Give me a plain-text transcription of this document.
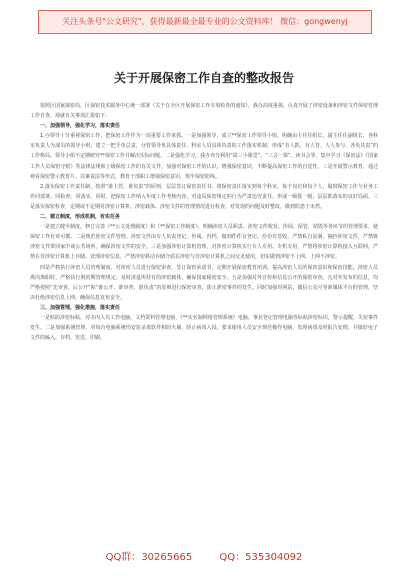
关注头条号"公文研究"，获得最新最全最专业的公文资料库！ 微信：gongwenyj
关于开展保密工作自查的整改报告

按照区国家保密局、区保密技术服务中心统一部署《关于在全区开展保密工作专项检查的通知》，我办高度重视，认真开展了涉密设备和涉密文件保密管理工作自查，现就有关事项汇报如下：

一、加强领导，强化学习，落实责任

1.办领导十分重视保密工作，把保密工作作为一项重要工作来抓。一是加强领导，成立**保密工作领导小组，明确由主任任组长，副主任任副组长，各科室负责人为成员的领导小组，建立一把手负总责，分管领导负具体责任，科室人员具体负责的工作落实机制，形成“有人抓、有人管、人人参与、各负其责”的工作格局。领导小组不定期研究**保密工作并解决实际问题。二是强化学习。我办充分利用“周三小课堂”、“三会一课”、读书会等，集中学习《保密法》《国家工作人员保密守则》等法律法规和上级保密工作的有关文件，加强对保密工作的认识，增强保密意识，不断提高保密工作的自觉性。三是开展警示教育，通过观看保密警示教育片、以案说法等形式，教育干部职工增强保密意识，筑牢保密防线。

2.落实保密工作责任制。按照“谁主管、谁负责”的原则，层层签订保密责任书，将保密责任落实到每个科室、每个岗位和每个人，做到保密工作与业务工作同部署、同检查、同落实。同时，把保密工作纳入年度工作考核内容，对违反保密规定的行为严肃追究责任，形成一级抓一级、层层抓落实的良好局面。三是落实保密检查，定期或不定期对涉密计算机、涉密载体、涉密文件的管理情况进行检查，对发现的问题及时整改，做到防患于未然。

二、建立制度，形成机制，有实任务

一是建立健全制度。修订完善《**公文处理制度》和《**保密工作制度》，明确涉密人员职责、涉密文件收发、传阅、保管、销毁等各环节的管理要求，使保密工作有章可循。二是规范涉密文件管理。涉密文件由专人负责登记、传阅、归档，做到件件有登记、份份有签收，严禁私自复制、摘抄涉密文件，严禁将涉密文件带回家中或公共场所，确保涉密文件的安全。三是加强涉密计算机管理。对涉密计算机实行专人专用、专机专用，严禁将涉密计算机接入互联网，严禁在非涉密计算机上存储、处理涉密信息，严禁涉密移动存储介质在涉密与非涉密计算机之间交叉使用，切实做到涉密不上网、上网不涉密。

四是严格执行涉密人员管理制度。对涉密人员进行保密审查，签订保密承诺书，定期开展保密教育培训，提高涉密人员的保密意识和保密技能。涉密人员离岗离职时，严格执行脱密期管理规定，及时清退所持有的涉密载体，确保国家秘密安全。五是加强对外宣传和信息公开的保密审查。凡对外发布的信息，均严格按照“先审查、后公开”和“谁公开、谁审查、谁负责”的原则进行保密审查，防止泄密事件的发生。同时加强对网站、微信公众号等新媒体平台的管理，坚决杜绝涉密信息上网，确保信息发布安全。

三、加强管理，强化措施，落实责任

一是贴防涉密标贴。对办内人员工作电脑、文档资料管理电脑、《**实名制网络管理系统》电脑、事业登记管理电脑等标贴涉密标识，警示提醒，失密事件发生。二是加强系统管理，对每台电脑系统均安装杀毒软件和防火墙，防止病毒入侵，要求使用人员安全规范操作电脑，发现病毒及时报告处理，并做好电子文件的编入、存档、发送、印刷。

QQ群：30265665	QQ：535304092
